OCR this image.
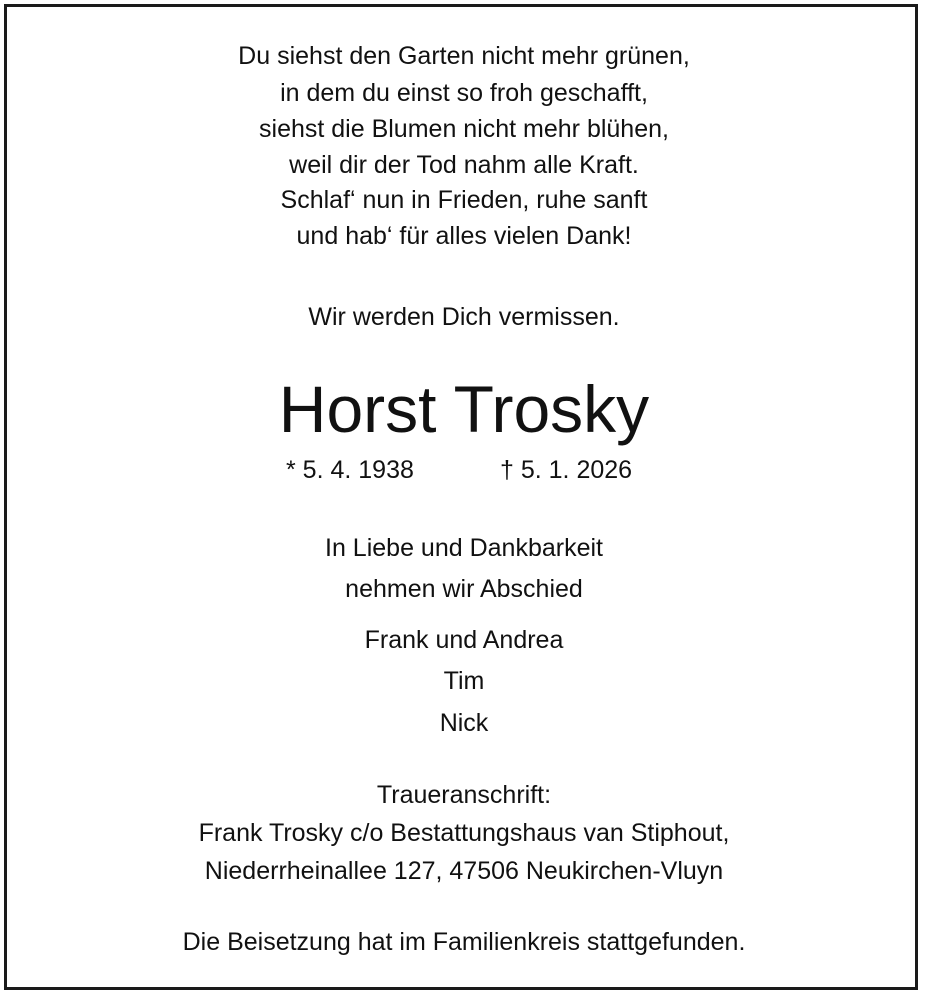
Du siehst den Garten nicht mehr grünen,
in dem du einst so froh geschafft,
siehst die Blumen nicht mehr blühen,
weil dir der Tod nahm alle Kraft.
Schlaf‘ nun in Frieden, ruhe sanft
und hab‘ für alles vielen Dank!
Wir werden Dich vermissen.
Horst Trosky
* 5. 4. 1938	† 5. 1. 2026
In Liebe und Dankbarkeit
nehmen wir Abschied
Frank und Andrea
Tim
Nick
Traueranschrift:
Frank Trosky c/o Bestattungshaus van Stiphout,
Niederrheinallee 127, 47506 Neukirchen-Vluyn
Die Beisetzung hat im Familienkreis stattgefunden.
